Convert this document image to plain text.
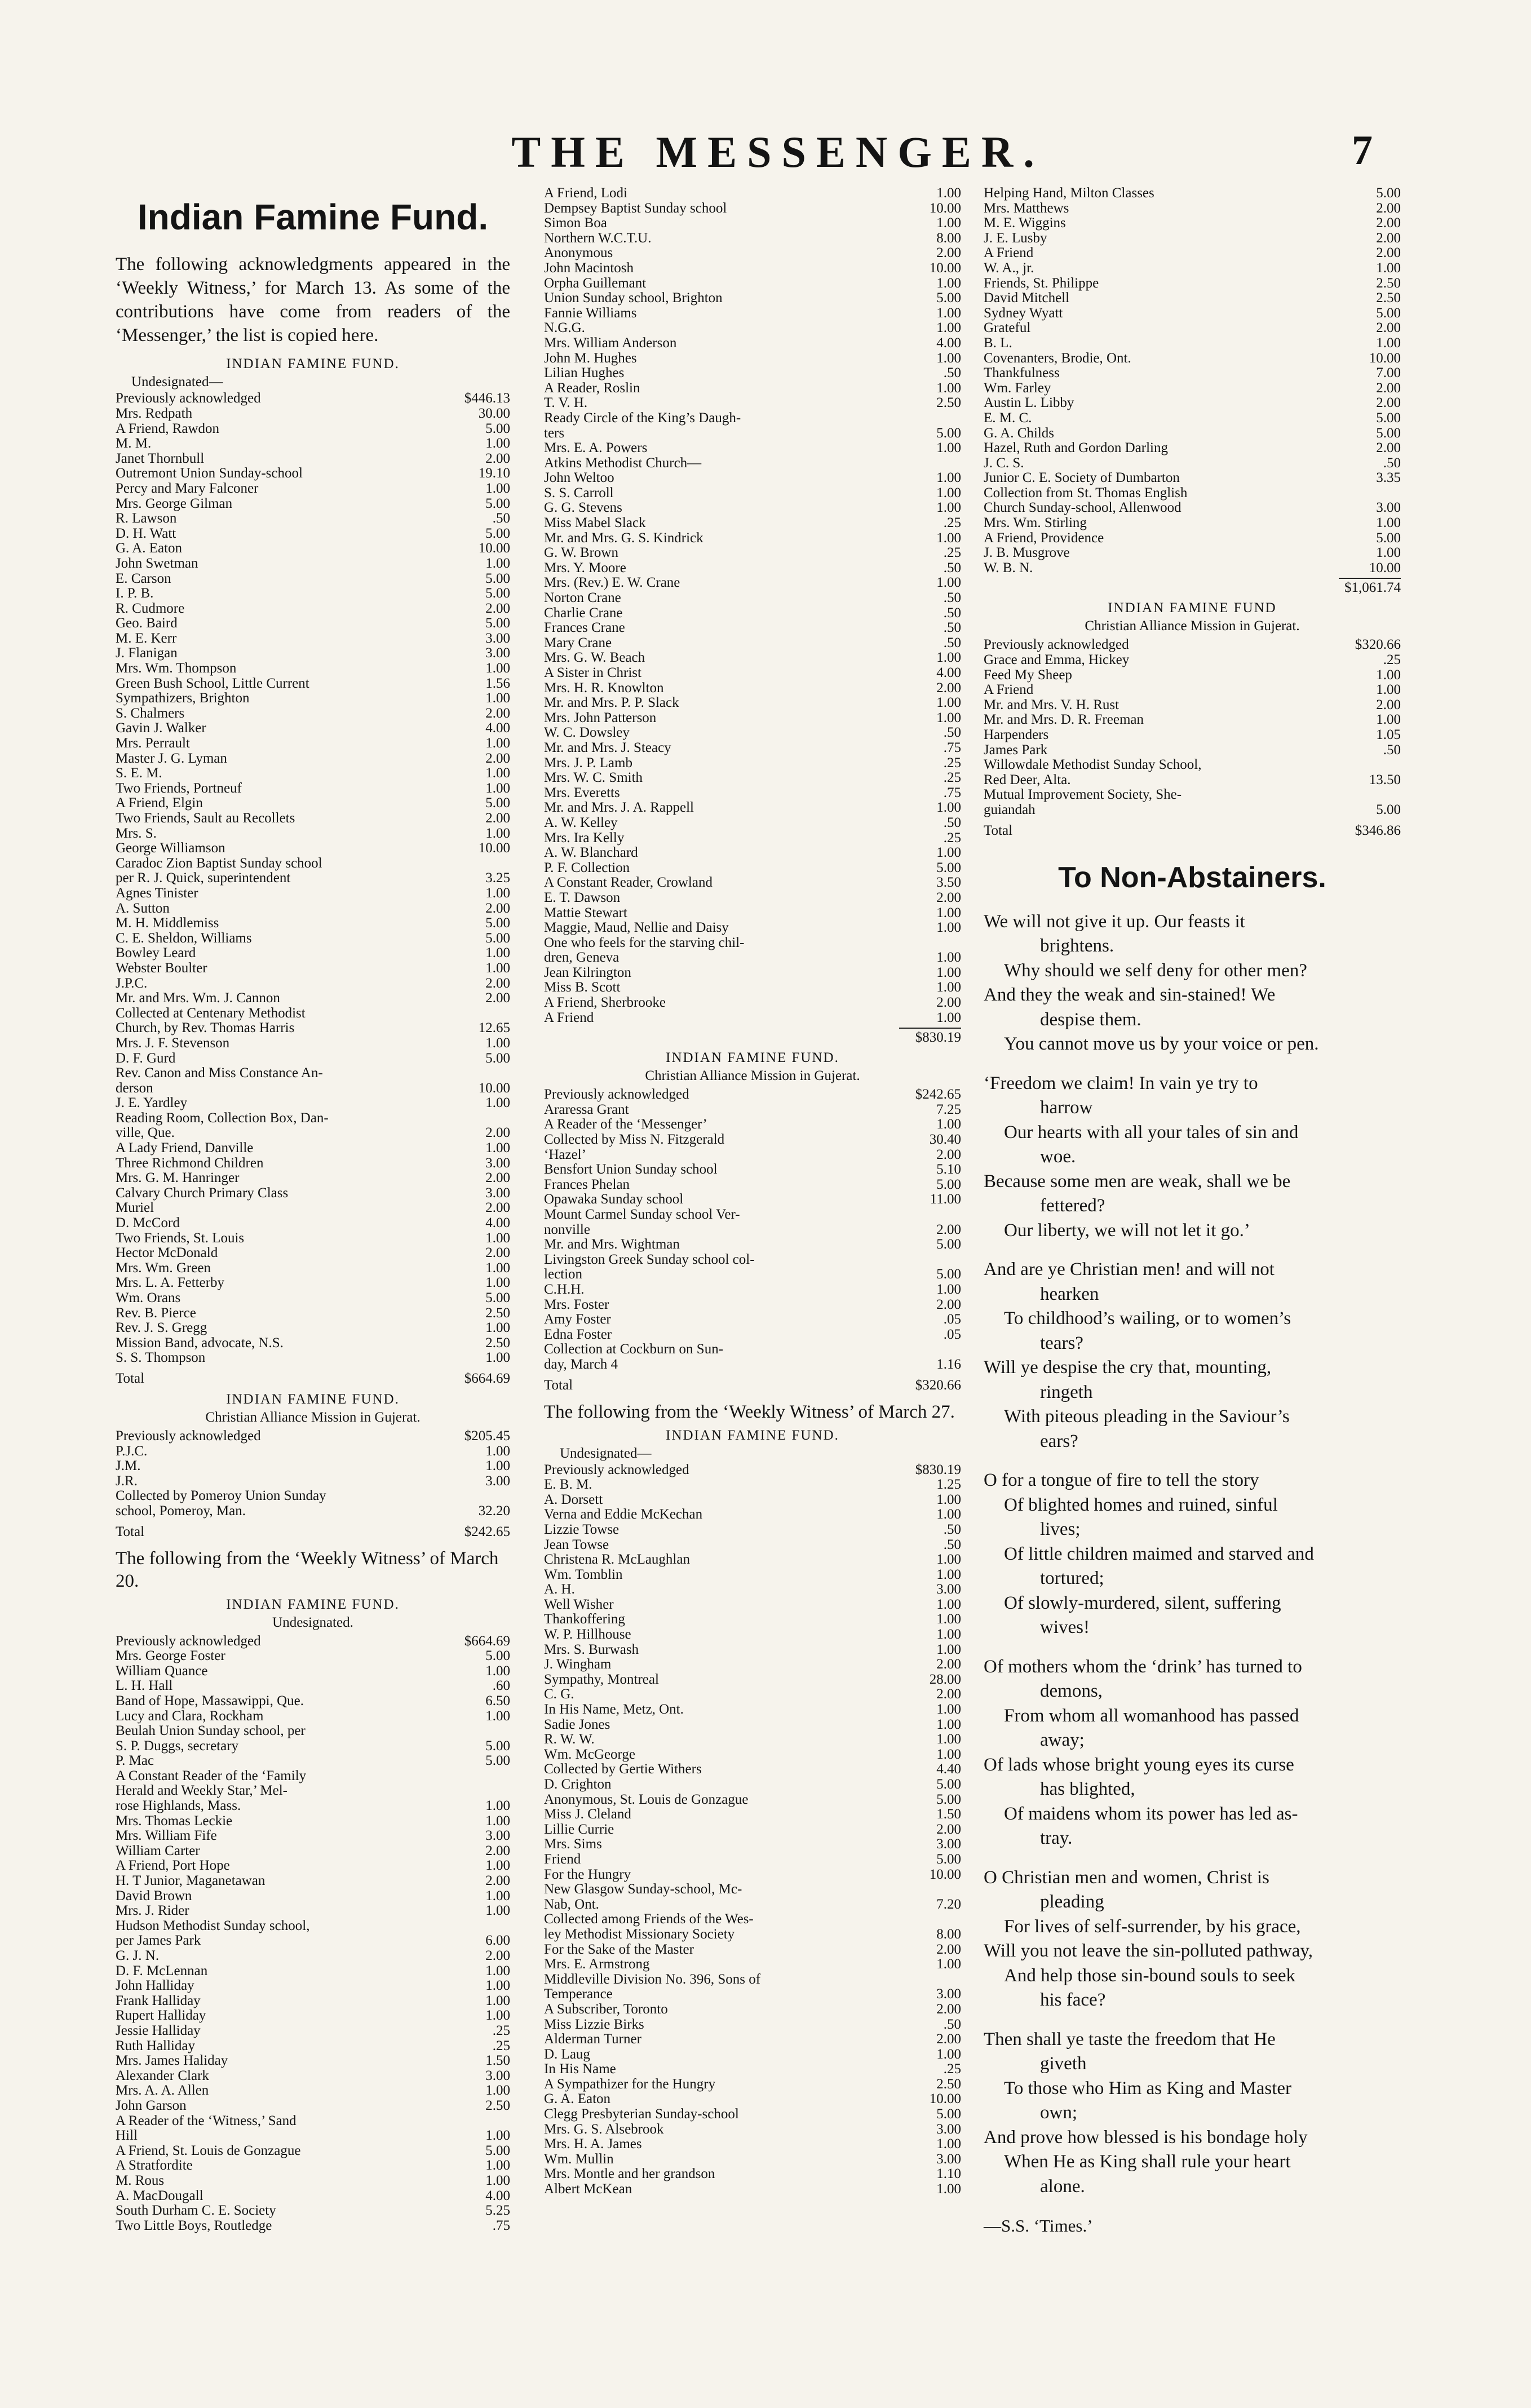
THE MESSENGER.	7
Indian Famine Fund.
The following acknowledgments appeared in the ‘Weekly Witness,’ for March 13. As some of the contributions have come from readers of the ‘Messenger,’ the list is copied here.
INDIAN FAMINE FUND.
Undesignated—
Previously acknowledged	$446.13
Mrs. Redpath	30.00
A Friend, Rawdon	5.00
M. M.	1.00
Janet Thornbull	2.00
Outremont Union Sunday-school	19.10
Percy and Mary Falconer	1.00
Mrs. George Gilman	5.00
R. Lawson	.50
D. H. Watt	5.00
G. A. Eaton	10.00
John Swetman	1.00
E. Carson	5.00
I. P. B.	5.00
R. Cudmore	2.00
Geo. Baird	5.00
M. E. Kerr	3.00
J. Flanigan	3.00
Mrs. Wm. Thompson	1.00
Green Bush School, Little Current	1.56
Sympathizers, Brighton	1.00
S. Chalmers	2.00
Gavin J. Walker	4.00
Mrs. Perrault	1.00
Master J. G. Lyman	2.00
S. E. M.	1.00
Two Friends, Portneuf	1.00
A Friend, Elgin	5.00
Two Friends, Sault au Recollets	2.00
Mrs. S.	1.00
George Williamson	10.00
Caradoc Zion Baptist Sunday school
per R. J. Quick, superintendent	3.25
Agnes Tinister	1.00
A. Sutton	2.00
M. H. Middlemiss	5.00
C. E. Sheldon, Williams	5.00
Bowley Leard	1.00
Webster Boulter	1.00
J.P.C.	2.00
Mr. and Mrs. Wm. J. Cannon	2.00
Collected at Centenary Methodist
Church, by Rev. Thomas Harris	12.65
Mrs. J. F. Stevenson	1.00
D. F. Gurd	5.00
Rev. Canon and Miss Constance An-
derson	10.00
J. E. Yardley	1.00
Reading Room, Collection Box, Dan-
ville, Que.	2.00
A Lady Friend, Danville	1.00
Three Richmond Children	3.00
Mrs. G. M. Hanringer	2.00
Calvary Church Primary Class	3.00
Muriel	2.00
D. McCord	4.00
Two Friends, St. Louis	1.00
Hector McDonald	2.00
Mrs. Wm. Green	1.00
Mrs. L. A. Fetterby	1.00
Wm. Orans	5.00
Rev. B. Pierce	2.50
Rev. J. S. Gregg	1.00
Mission Band, advocate, N.S.	2.50
S. S. Thompson	1.00
Total	$664.69
INDIAN FAMINE FUND.
Christian Alliance Mission in Gujerat.
Previously acknowledged	$205.45
P.J.C.	1.00
J.M.	1.00
J.R.	3.00
Collected by Pomeroy Union Sunday
school, Pomeroy, Man.	32.20
Total	$242.65
The following from the ‘Weekly Witness’ of March 20.
INDIAN FAMINE FUND.
Undesignated.
Previously acknowledged	$664.69
Mrs. George Foster	5.00
William Quance	1.00
L. H. Hall	.60
Band of Hope, Massawippi, Que.	6.50
Lucy and Clara, Rockham	1.00
Beulah Union Sunday school, per
S. P. Duggs, secretary	5.00
P. Mac	5.00
A Constant Reader of the ‘Family
Herald and Weekly Star,’ Mel-
rose Highlands, Mass.	1.00
Mrs. Thomas Leckie	1.00
Mrs. William Fife	3.00
William Carter	2.00
A Friend, Port Hope	1.00
H. T Junior, Maganetawan	2.00
David Brown	1.00
Mrs. J. Rider	1.00
Hudson Methodist Sunday school,
per James Park	6.00
G. J. N.	2.00
D. F. McLennan	1.00
John Halliday	1.00
Frank Halliday	1.00
Rupert Halliday	1.00
Jessie Halliday	.25
Ruth Halliday	.25
Mrs. James Haliday	1.50
Alexander Clark	3.00
Mrs. A. A. Allen	1.00
John Garson	2.50
A Reader of the ‘Witness,’ Sand
Hill	1.00
A Friend, St. Louis de Gonzague	5.00
A Stratfordite	1.00
M. Rous	1.00
A. MacDougall	4.00
South Durham C. E. Society	5.25
Two Little Boys, Routledge	.75
A Friend, Lodi	1.00
Dempsey Baptist Sunday school	10.00
Simon Boa	1.00
Northern W.C.T.U.	8.00
Anonymous	2.00
John Macintosh	10.00
Orpha Guillemant	1.00
Union Sunday school, Brighton	5.00
Fannie Williams	1.00
N.G.G.	1.00
Mrs. William Anderson	4.00
John M. Hughes	1.00
Lilian Hughes	.50
A Reader, Roslin	1.00
T. V. H.	2.50
Ready Circle of the King’s Daugh-
ters	5.00
Mrs. E. A. Powers	1.00
Atkins Methodist Church—
John Weltoo	1.00
S. S. Carroll	1.00
G. G. Stevens	1.00
Miss Mabel Slack	.25
Mr. and Mrs. G. S. Kindrick	1.00
G. W. Brown	.25
Mrs. Y. Moore	.50
Mrs. (Rev.) E. W. Crane	1.00
Norton Crane	.50
Charlie Crane	.50
Frances Crane	.50
Mary Crane	.50
Mrs. G. W. Beach	1.00
A Sister in Christ	4.00
Mrs. H. R. Knowlton	2.00
Mr. and Mrs. P. P. Slack	1.00
Mrs. John Patterson	1.00
W. C. Dowsley	.50
Mr. and Mrs. J. Steacy	.75
Mrs. J. P. Lamb	.25
Mrs. W. C. Smith	.25
Mrs. Everetts	.75
Mr. and Mrs. J. A. Rappell	1.00
A. W. Kelley	.50
Mrs. Ira Kelly	.25
A. W. Blanchard	1.00
P. F. Collection	5.00
A Constant Reader, Crowland	3.50
E. T. Dawson	2.00
Mattie Stewart	1.00
Maggie, Maud, Nellie and Daisy	1.00
One who feels for the starving chil-
dren, Geneva	1.00
Jean Kilrington	1.00
Miss B. Scott	1.00
A Friend, Sherbrooke	2.00
A Friend	1.00
$830.19
INDIAN FAMINE FUND.
Christian Alliance Mission in Gujerat.
Previously acknowledged	$242.65
Araressa Grant	7.25
A Reader of the ‘Messenger’	1.00
Collected by Miss N. Fitzgerald	30.40
‘Hazel’	2.00
Bensfort Union Sunday school	5.10
Frances Phelan	5.00
Opawaka Sunday school	11.00
Mount Carmel Sunday school Ver-
nonville	2.00
Mr. and Mrs. Wightman	5.00
Livingston Greek Sunday school col-
lection	5.00
C.H.H.	1.00
Mrs. Foster	2.00
Amy Foster	.05
Edna Foster	.05
Collection at Cockburn on Sun-
day, March 4	1.16
Total	$320.66
The following from the ‘Weekly Witness’ of March 27.
INDIAN FAMINE FUND.
Undesignated—
Previously acknowledged	$830.19
E. B. M.	1.25
A. Dorsett	1.00
Verna and Eddie McKechan	1.00
Lizzie Towse	.50
Jean Towse	.50
Christena R. McLaughlan	1.00
Wm. Tomblin	1.00
A. H.	3.00
Well Wisher	1.00
Thankoffering	1.00
W. P. Hillhouse	1.00
Mrs. S. Burwash	1.00
J. Wingham	2.00
Sympathy, Montreal	28.00
C. G.	2.00
In His Name, Metz, Ont.	1.00
Sadie Jones	1.00
R. W. W.	1.00
Wm. McGeorge	1.00
Collected by Gertie Withers	4.40
D. Crighton	5.00
Anonymous, St. Louis de Gonzague	5.00
Miss J. Cleland	1.50
Lillie Currie	2.00
Mrs. Sims	3.00
Friend	5.00
For the Hungry	10.00
New Glasgow Sunday-school, Mc-
Nab, Ont.	7.20
Collected among Friends of the Wes-
ley Methodist Missionary Society	8.00
For the Sake of the Master	2.00
Mrs. E. Armstrong	1.00
Middleville Division No. 396, Sons of
Temperance	3.00
A Subscriber, Toronto	2.00
Miss Lizzie Birks	.50
Alderman Turner	2.00
D. Laug	1.00
In His Name	.25
A Sympathizer for the Hungry	2.50
G. A. Eaton	10.00
Clegg Presbyterian Sunday-school	5.00
Mrs. G. S. Alsebrook	3.00
Mrs. H. A. James	1.00
Wm. Mullin	3.00
Mrs. Montle and her grandson	1.10
Albert McKean	1.00
Helping Hand, Milton Classes	5.00
Mrs. Matthews	2.00
M. E. Wiggins	2.00
J. E. Lusby	2.00
A Friend	2.00
W. A., jr.	1.00
Friends, St. Philippe	2.50
David Mitchell	2.50
Sydney Wyatt	5.00
Grateful	2.00
B. L.	1.00
Covenanters, Brodie, Ont.	10.00
Thankfulness	7.00
Wm. Farley	2.00
Austin L. Libby	2.00
E. M. C.	5.00
G. A. Childs	5.00
Hazel, Ruth and Gordon Darling	2.00
J. C. S.	.50
Junior C. E. Society of Dumbarton	3.35
Collection from St. Thomas English
Church Sunday-school, Allenwood	3.00
Mrs. Wm. Stirling	1.00
A Friend, Providence	5.00
J. B. Musgrove	1.00
W. B. N.	10.00
$1,061.74
INDIAN FAMINE FUND
Christian Alliance Mission in Gujerat.
Previously acknowledged	$320.66
Grace and Emma, Hickey	.25
Feed My Sheep	1.00
A Friend	1.00
Mr. and Mrs. V. H. Rust	2.00
Mr. and Mrs. D. R. Freeman	1.00
Harpenders	1.05
James Park	.50
Willowdale Methodist Sunday School,
Red Deer, Alta.	13.50
Mutual Improvement Society, She-
guiandah	5.00
Total	$346.86
To Non-Abstainers.
We will not give it up. Our feasts it
brightens.
Why should we self deny for other men?
And they the weak and sin-stained! We
despise them.
You cannot move us by your voice or pen.
‘Freedom we claim! In vain ye try to
harrow
Our hearts with all your tales of sin and
woe.
Because some men are weak, shall we be
fettered?
Our liberty, we will not let it go.’
And are ye Christian men! and will not
hearken
To childhood’s wailing, or to women’s
tears?
Will ye despise the cry that, mounting,
ringeth
With piteous pleading in the Saviour’s
ears?
O for a tongue of fire to tell the story
Of blighted homes and ruined, sinful
lives;
Of little children maimed and starved and
tortured;
Of slowly-murdered, silent, suffering
wives!
Of mothers whom the ‘drink’ has turned to
demons,
From whom all womanhood has passed
away;
Of lads whose bright young eyes its curse
has blighted,
Of maidens whom its power has led as-
tray.
O Christian men and women, Christ is
pleading
For lives of self-surrender, by his grace,
Will you not leave the sin-polluted pathway,
And help those sin-bound souls to seek
his face?
Then shall ye taste the freedom that He
giveth
To those who Him as King and Master
own;
And prove how blessed is his bondage holy
When He as King shall rule your heart
alone.
—S.S. ‘Times.’
